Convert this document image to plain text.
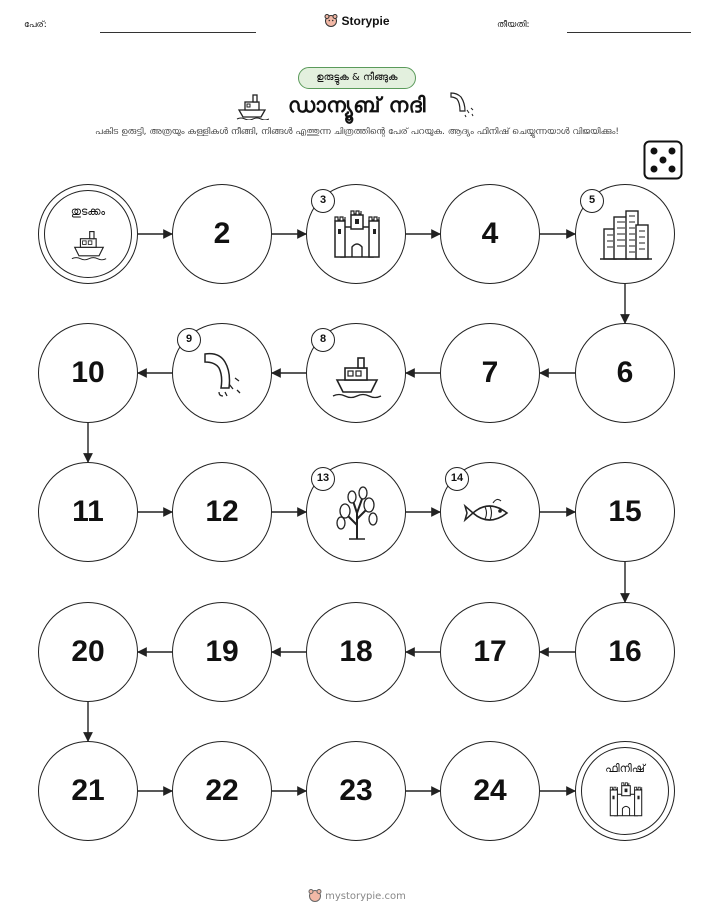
പേര്:	Storypie	തീയതി:
ഉരുട്ടുക & നീങ്ങുക
ഡാന്യൂബ് നദി
പകിട ഉരുട്ടി, അത്രയും കള്ളികൾ നീങ്ങി, നിങ്ങൾ എത്തുന്ന ചിത്രത്തിന്റെ പേര് പറയുക. ആദ്യം ഫിനിഷ് ചെയ്യുന്നയാൾ വിജയിക്കും!
തുടക്കം
2
3
4
5
6
7
8
9
10
11	12
13	14
15
16
17
18
19
20
21	22	23	24
ഫിനിഷ്
mystorypie.com
